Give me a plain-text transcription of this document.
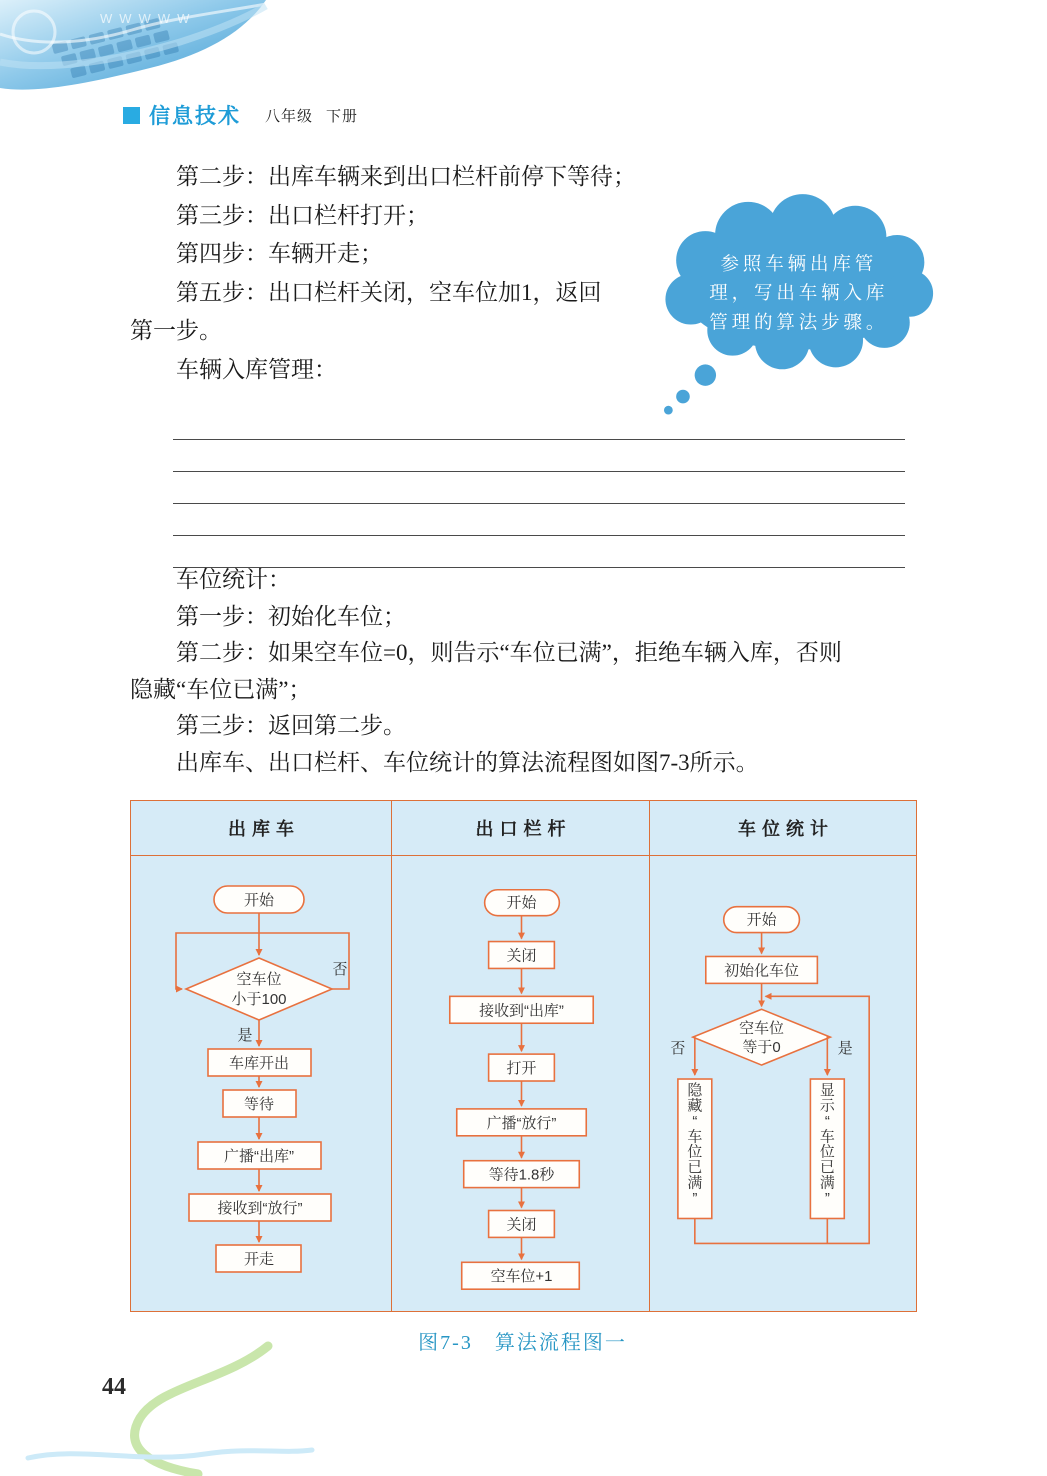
WWWWW
信息技术 八年级 下册
参照车辆出库管
理，写出车辆入库
管理的算法步骤。

第二步：出库车辆来到出口栏杆前停下等待；

第三步：出口栏杆打开；

第四步：车辆开走；

第五步：出口栏杆关闭，空车位加1，返回

第一步。

车辆入库管理：

车位统计：

第一步：初始化车位；

第二步：如果空车位=0，则告示“车位已满”，拒绝车辆入库，否则

隐藏“车位已满”；

第三步：返回第二步。

出库车、出口栏杆、车位统计的算法流程图如图7-3所示。

出库车
否
开始
空车位
小于100
是
车库开出
等待
广播“出库”
接收到“放行”
开走
出口栏杆
开始
关闭
接收到“出库”
打开
广播“放行”
等待1.8秒
关闭
空车位+1
车位统计
开始
初始化车位
空车位
等于0
否	是
隐藏“车位已满”
显示“车位已满”
图7-3　算法流程图一
44
